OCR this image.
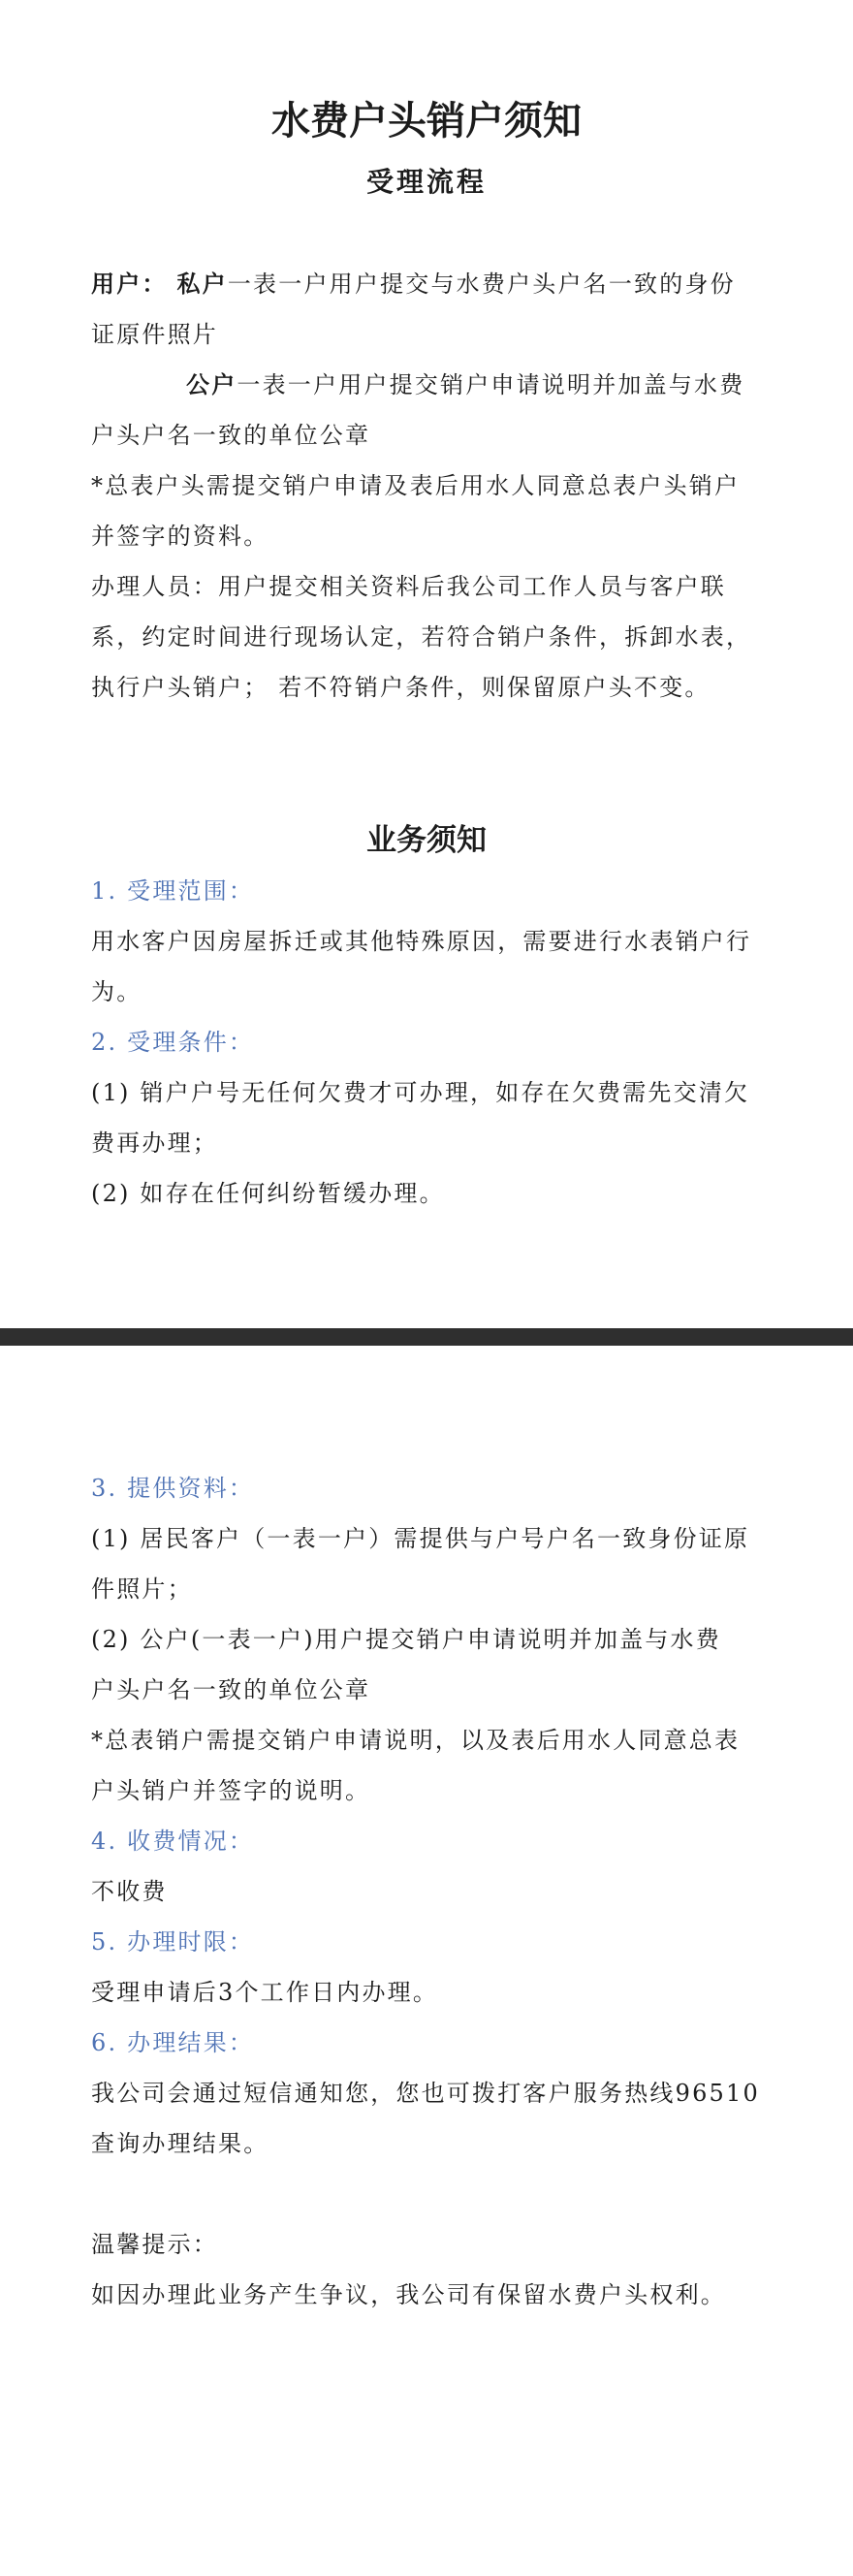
水费户头销户须知
受理流程
用户： 私户一表一户用户提交与水费户头户名一致的身份
证原件照片
公户一表一户用户提交销户申请说明并加盖与水费
户头户名一致的单位公章
*总表户头需提交销户申请及表后用水人同意总表户头销户
并签字的资料。
办理人员：用户提交相关资料后我公司工作人员与客户联
系，约定时间进行现场认定，若符合销户条件，拆卸水表，
执行户头销户； 若不符销户条件，则保留原户头不变。
业务须知
1. 受理范围：
用水客户因房屋拆迁或其他特殊原因，需要进行水表销户行
为。
2. 受理条件：
(1) 销户户号无任何欠费才可办理，如存在欠费需先交清欠
费再办理；
(2) 如存在任何纠纷暂缓办理。
3. 提供资料：
(1) 居民客户（一表一户）需提供与户号户名一致身份证原
件照片；
(2) 公户(一表一户)用户提交销户申请说明并加盖与水费
户头户名一致的单位公章
*总表销户需提交销户申请说明，以及表后用水人同意总表
户头销户并签字的说明。
4. 收费情况：
不收费
5. 办理时限：
受理申请后3个工作日内办理。
6. 办理结果：
我公司会通过短信通知您，您也可拨打客户服务热线96510
查询办理结果。
温馨提示：
如因办理此业务产生争议，我公司有保留水费户头权利。
